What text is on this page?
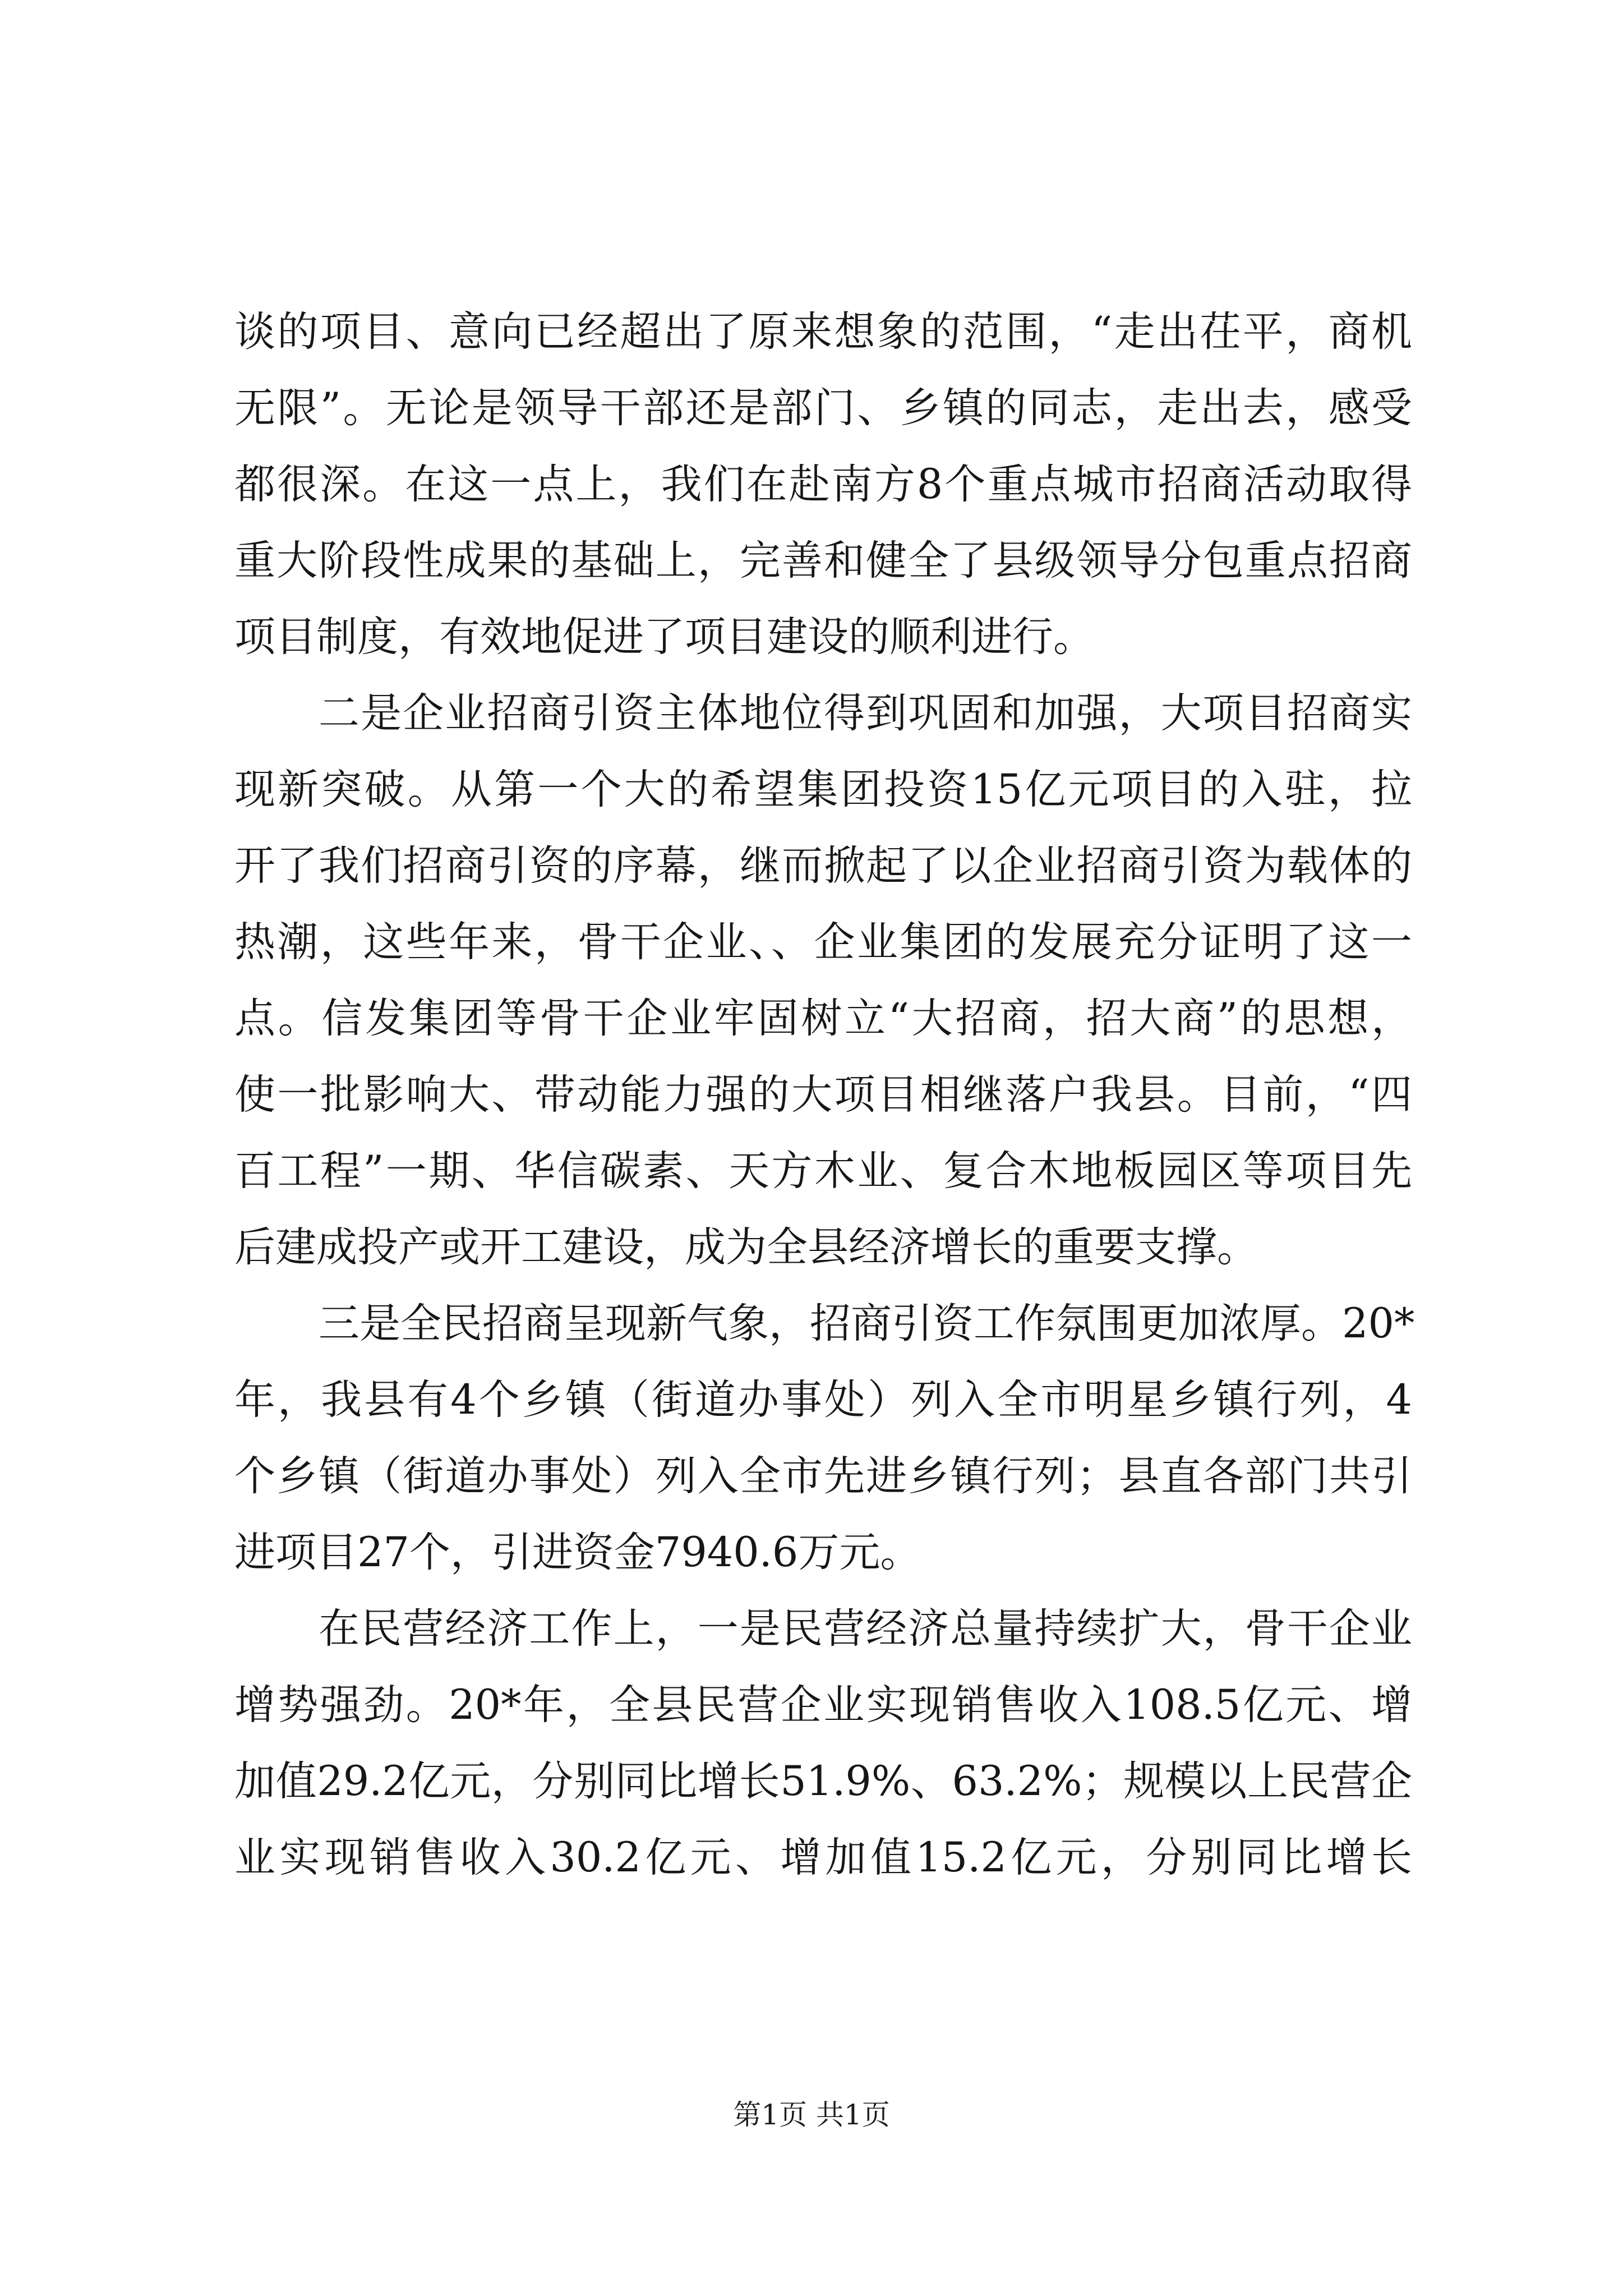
谈的项目、意向已经超出了原来想象的范围，“走出茌平，商机
无限”。无论是领导干部还是部门、乡镇的同志，走出去，感受
都很深。在这一点上，我们在赴南方8个重点城市招商活动取得
重大阶段性成果的基础上，完善和健全了县级领导分包重点招商
项目制度，有效地促进了项目建设的顺利进行。
二是企业招商引资主体地位得到巩固和加强，大项目招商实
现新突破。从第一个大的希望集团投资15亿元项目的入驻，拉
开了我们招商引资的序幕，继而掀起了以企业招商引资为载体的
热潮，这些年来，骨干企业、、企业集团的发展充分证明了这一
点。信发集团等骨干企业牢固树立“大招商，招大商”的思想，
使一批影响大、带动能力强的大项目相继落户我县。目前，“四
百工程”一期、华信碳素、天方木业、复合木地板园区等项目先
后建成投产或开工建设，成为全县经济增长的重要支撑。
三是全民招商呈现新气象，招商引资工作氛围更加浓厚。20*
年，我县有4个乡镇（街道办事处）列入全市明星乡镇行列，4
个乡镇（街道办事处）列入全市先进乡镇行列；县直各部门共引
进项目27个，引进资金7940.6万元。
在民营经济工作上，一是民营经济总量持续扩大，骨干企业
增势强劲。20*年，全县民营企业实现销售收入108.5亿元、增
加值29.2亿元，分别同比增长51.9%、63.2%；规模以上民营企
业实现销售收入30.2亿元、增加值15.2亿元，分别同比增长
第1页 共1页
